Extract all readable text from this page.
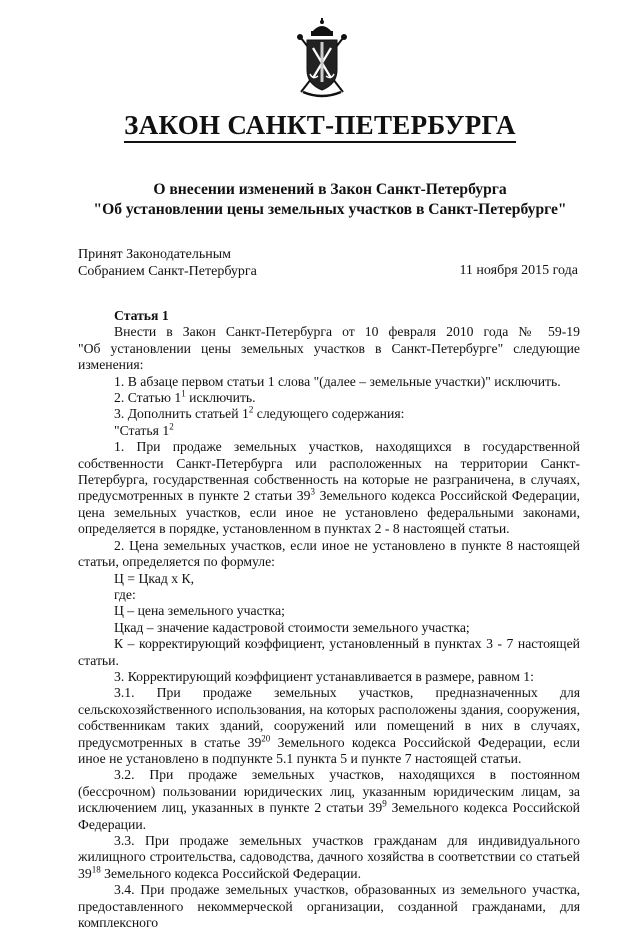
ЗАКОН САНКТ-ПЕТЕРБУРГА
О внесении изменений в Закон Санкт-Петербурга
"Об установлении цены земельных участков в Санкт-Петербурге"
Принят Законодательным
Собранием Санкт-Петербурга	11 ноября 2015 года

Статья 1

Внести в Закон Санкт-Петербурга от 10 февраля 2010 года № 59-19

"Об установлении цены земельных участков в Санкт-Петербурге" следующие изменения:

1. В абзаце первом статьи 1 слова "(далее – земельные участки)" исключить.

2. Статью $1^1$ исключить.

3. Дополнить статьей $1^2$ следующего содержания:

"Статья $1^2$

1. При продаже земельных участков, находящихся в государственной собственности Санкт-Петербурга или расположенных на территории Санкт-Петербурга, государственная собственность на которые не разграничена, в случаях, предусмотренных в пункте 2 статьи $39^3$ Земельного кодекса Российской Федерации, цена земельных участков, если иное не установлено федеральными законами, определяется в порядке, установленном в пунктах 2 - 8 настоящей статьи.

2. Цена земельных участков, если иное не установлено в пункте 8 настоящей статьи, определяется по формуле:

Ц = Цкад х К,

где:

Ц – цена земельного участка;

Цкад – значение кадастровой стоимости земельного участка;

К – корректирующий коэффициент, установленный в пунктах 3 - 7 настоящей статьи.

3. Корректирующий коэффициент устанавливается в размере, равном 1:

3.1. При продаже земельных участков, предназначенных для сельскохозяйственного использования, на которых расположены здания, сооружения, собственникам таких зданий, сооружений или помещений в них в случаях, предусмотренных в статье $39^{20}$ Земельного кодекса Российской Федерации, если иное не установлено в подпункте 5.1 пункта 5 и пункте 7 настоящей статьи.

3.2. При продаже земельных участков, находящихся в постоянном (бессрочном) пользовании юридических лиц, указанным юридическим лицам, за исключением лиц, указанных в пункте 2 статьи $39^9$ Земельного кодекса Российской Федерации.

3.3. При продаже земельных участков гражданам для индивидуального жилищного строительства, садоводства, дачного хозяйства в соответствии со статьей $39^{18}$ Земельного кодекса Российской Федерации.

3.4. При продаже земельных участков, образованных из земельного участка, предоставленного некоммерческой организации, созданной гражданами, для комплексного
